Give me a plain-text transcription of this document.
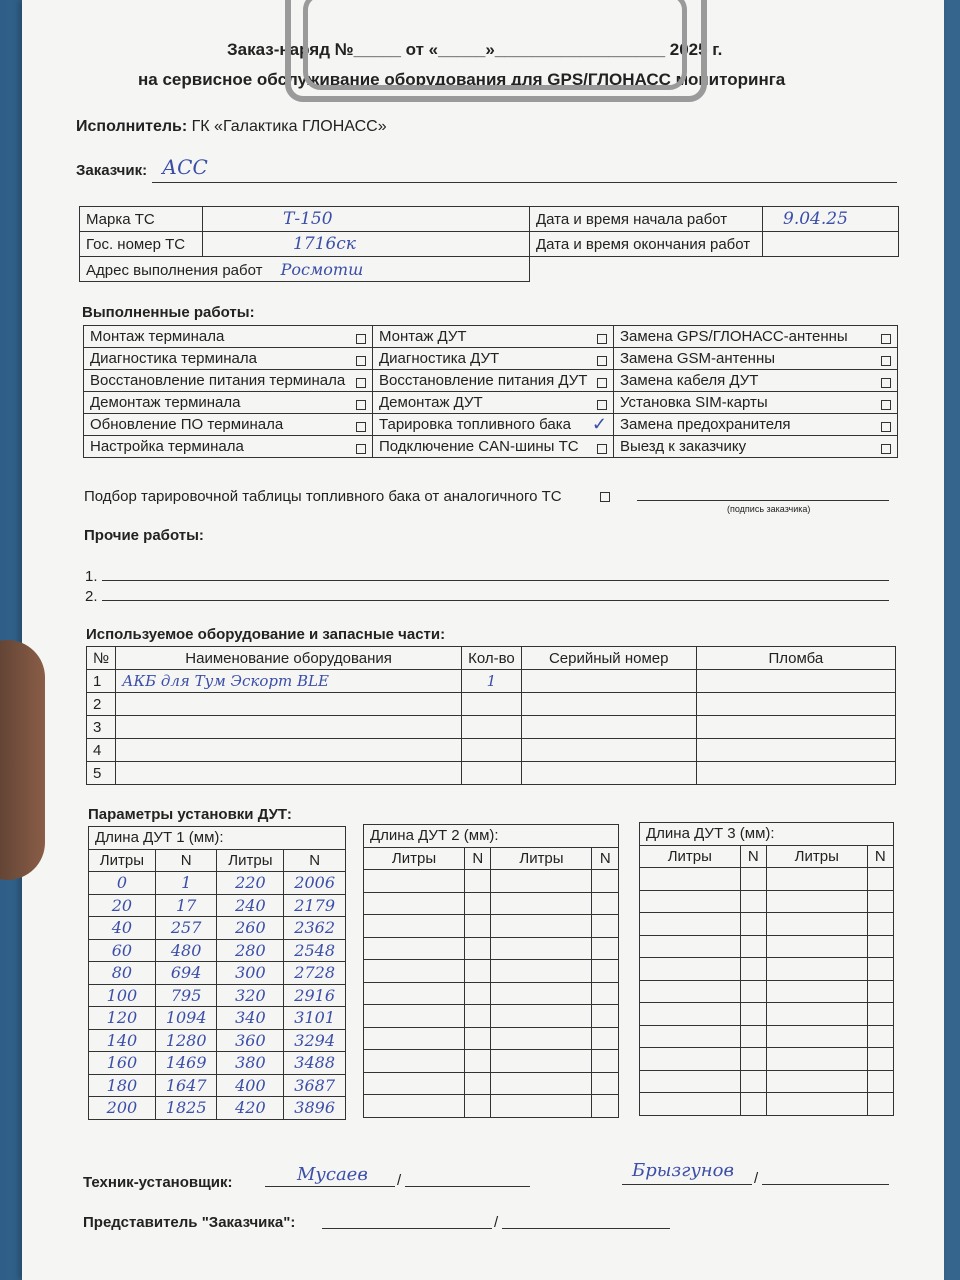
Заказ-наряд №_____ от «_____»__________________ 2025 г.
на сервисное обслуживание оборудования для GPS/ГЛОНАСС мониторинга
Исполнитель: ГК «Галактика ГЛОНАСС»
Заказчик: АСС
Марка ТС	Т-150	Дата и время начала работ	9.04.25
Гос. номер ТС	1716ск	Дата и время окончания работ	
Адрес выполнения работ Росмотш			
Выполненные работы:
Монтаж терминала	Монтаж ДУТ	Замена GPS/ГЛОНАСС-антенны

Диагностика терминала	Диагностика ДУТ	Замена GSM-антенны

Восстановление питания терминала	Восстановление питания ДУТ	Замена кабеля ДУТ

Демонтаж терминала	Демонтаж ДУТ	Установка SIM-карты

Обновление ПО терминала	Тарировка топливного бака ✓	Замена предохранителя

Настройка терминала	Подключение CAN-шины ТС	Выезд к заказчику
Подбор тарировочной таблицы топливного бака от аналогичного ТС
(подпись заказчика)
Прочие работы:
1.
2.
Используемое оборудование и запасные части:
№	Наименование оборудования	Кол-во	Серийный номер	Пломба
1	АКБ для Тум Эскорт BLE	1		
2				
3				
4				
5				
Параметры установки ДУТ:
Длина ДУТ 1 (мм):			
Литры	N	Литры	N
0	1	220	2006
20	17	240	2179
40	257	260	2362
60	480	280	2548
80	694	300	2728
100	795	320	2916
120	1094	340	3101
140	1280	360	3294
160	1469	380	3488
180	1647	400	3687
200	1825	420	3896
Длина ДУТ 2 (мм):			
Литры	N	Литры	N

Длина ДУТ 3 (мм):			
Литры	N	Литры	N

Техник-установщик:	Мусаев /	Брызгунов /
Представитель "Заказчика":	/
